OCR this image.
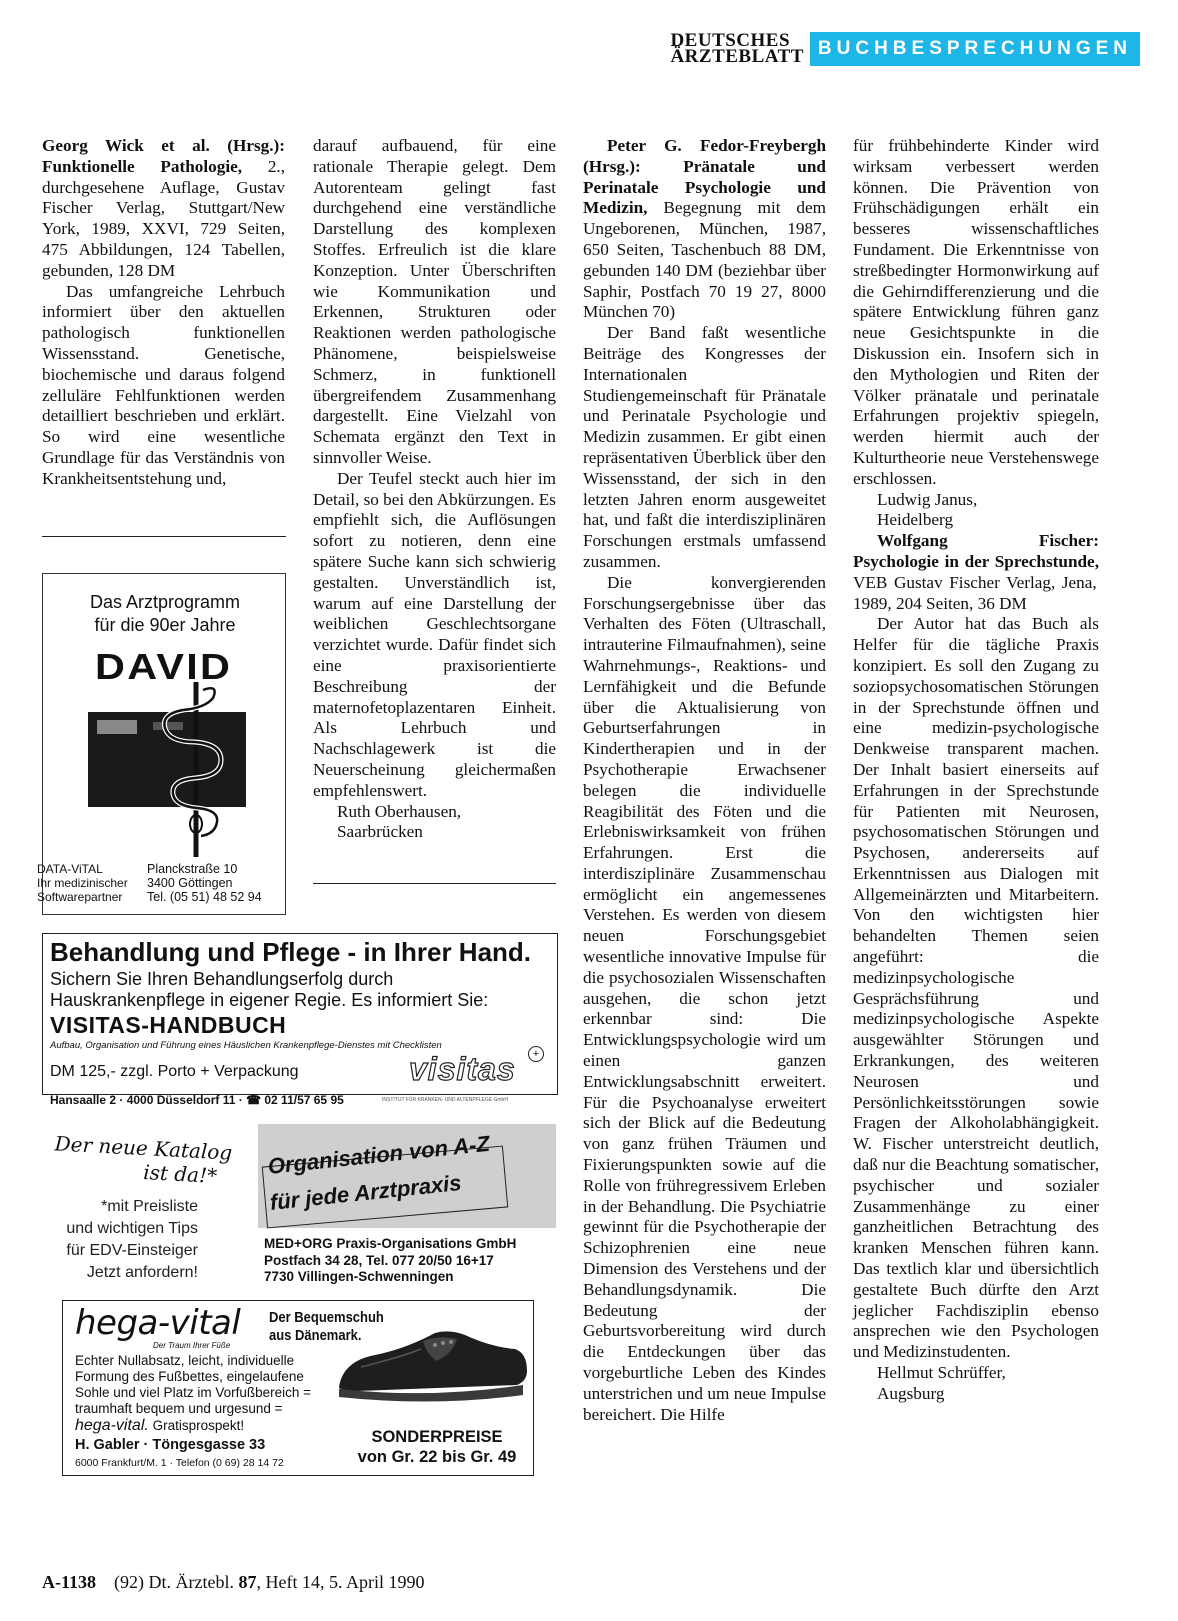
DEUTSCHES
ÄRZTEBLATT BUCHBESPRECHUNGEN

Georg Wick et al. (Hrsg.): Funktionelle Pathologie, 2., durchgesehene Auflage, Gustav Fischer Verlag, Stuttgart/New York, 1989, XXVI, 729 Seiten, 475 Abbildungen, 124 Tabellen, gebunden, 128 DM

Das umfangreiche Lehrbuch informiert über den aktuellen pathologisch funktionellen Wissensstand. Genetische, biochemische und daraus folgend zelluläre Fehlfunktionen werden detailliert beschrieben und erklärt. So wird eine wesentliche Grundlage für das Verständnis von Krankheitsentstehung und,

darauf aufbauend, für eine rationale Therapie gelegt. Dem Autorenteam gelingt fast durchgehend eine verständliche Darstellung des komplexen Stoffes. Erfreulich ist die klare Konzeption. Unter Überschriften wie Kommunikation und Erkennen, Strukturen oder Reaktionen werden pathologische Phänomene, beispielsweise Schmerz, in funktionell übergreifendem Zusammenhang dargestellt. Eine Vielzahl von Schemata ergänzt den Text in sinnvoller Weise.

Der Teufel steckt auch hier im Detail, so bei den Abkürzungen. Es empfiehlt sich, die Auflösungen sofort zu notieren, denn eine spätere Suche kann sich schwierig gestalten. Unverständlich ist, warum auf eine Darstellung der weiblichen Geschlechtsorgane verzichtet wurde. Dafür findet sich eine praxisorientierte Beschreibung der maternofetoplazentaren Einheit. Als Lehrbuch und Nachschlagewerk ist die Neuerscheinung gleichermaßen empfehlenswert.

Ruth Oberhausen,

Saarbrücken

Peter G. Fedor-Freybergh (Hrsg.): Pränatale und Perinatale Psychologie und Medizin, Begegnung mit dem Ungeborenen, München, 1987, 650 Seiten, Taschenbuch 88 DM, gebunden 140 DM (beziehbar über Saphir, Postfach 70 19 27, 8000 München 70)

Der Band faßt wesentliche Beiträge des Kongresses der Internationalen Studiengemeinschaft für Pränatale und Perinatale Psychologie und Medizin zusammen. Er gibt einen repräsentativen Überblick über den Wissensstand, der sich in den letzten Jahren enorm ausgeweitet hat, und faßt die interdisziplinären Forschungen erstmals umfassend zusammen.

Die konvergierenden Forschungsergebnisse über das Verhalten des Föten (Ultraschall, intrauterine Filmaufnahmen), seine Wahrnehmungs-, Reaktions- und Lernfähigkeit und die Befunde über die Aktualisierung von Geburtserfahrungen in Kindertherapien und in der Psychotherapie Erwachsener belegen die individuelle Reagibilität des Föten und die Erlebniswirksamkeit von frühen Erfahrungen. Erst die interdisziplinäre Zusammenschau ermöglicht ein angemessenes Verstehen. Es werden von diesem neuen Forschungsgebiet wesentliche innovative Impulse für die psychosozialen Wissenschaften ausgehen, die schon jetzt erkennbar sind: Die Entwicklungspsychologie wird um einen ganzen Entwicklungsabschnitt erweitert. Für die Psychoanalyse erweitert sich der Blick auf die Bedeutung von ganz frühen Träumen und Fixierungspunkten sowie auf die Rolle von frühregressivem Erleben in der Behandlung. Die Psychiatrie gewinnt für die Psychotherapie der Schizophrenien eine neue Dimension des Verstehens und der Behandlungsdynamik. Die Bedeutung der Geburtsvorbereitung wird durch die Entdeckungen über das vorgeburtliche Leben des Kindes unterstrichen und um neue Impulse bereichert. Die Hilfe

für frühbehinderte Kinder wird wirksam verbessert werden können. Die Prävention von Frühschädigungen erhält ein besseres wissenschaftliches Fundament. Die Erkenntnisse von streßbedingter Hormonwirkung auf die Gehirndifferenzierung und die spätere Entwicklung führen ganz neue Gesichtspunkte in die Diskussion ein. Insofern sich in den Mythologien und Riten der Völker pränatale und perinatale Erfahrungen projektiv spiegeln, werden hiermit auch der Kulturtheorie neue Verstehenswege erschlossen.

Ludwig Janus,

Heidelberg

Wolfgang Fischer: Psychologie in der Sprechstunde, VEB Gustav Fischer Verlag, Jena, 1989, 204 Seiten, 36 DM

Der Autor hat das Buch als Helfer für die tägliche Praxis konzipiert. Es soll den Zugang zu soziopsychosomatischen Störungen in der Sprechstunde öffnen und eine medizin-psychologische Denkweise transparent machen. Der Inhalt basiert einerseits auf Erfahrungen in der Sprechstunde für Patienten mit Neurosen, psychosomatischen Störungen und Psychosen, andererseits auf Erkenntnissen aus Dialogen mit Allgemeinärzten und Mitarbeitern. Von den wichtigsten hier behandelten Themen seien angeführt: die medizinpsychologische Gesprächsführung und medizinpsychologische Aspekte ausgewählter Störungen und Erkrankungen, des weiteren Neurosen und Persönlichkeitsstörungen sowie Fragen der Alkoholabhängigkeit. W. Fischer unterstreicht deutlich, daß nur die Beachtung somatischer, psychischer und sozialer Zusammenhänge zu einer ganzheitlichen Betrachtung des kranken Menschen führen kann. Das textlich klar und übersichtlich gestaltete Buch dürfte den Arzt jeglicher Fachdisziplin ebenso ansprechen wie den Psychologen und Medizinstudenten.

Hellmut Schrüffer,

Augsburg

Das Arztprogramm
für die 90er Jahre
DAVID
DATA-ViTAL
Ihr medizinischer
Softwarepartner
Planckstraße 10
3400 Göttingen
Tel. (05 51) 48 52 94
Behandlung und Pflege - in Ihrer Hand.
Sichern Sie Ihren Behandlungserfolg durch Hauskrankenpflege in eigener Regie. Es informiert Sie:
VISITAS-HANDBUCH
Aufbau, Organisation und Führung eines Häuslichen Krankenpflege-Dienstes mit Checklisten
DM 125,- zzgl. Porto + Verpackung	visitas	+
Hansaalle 2 · 4000 Düsseldorf 11 · ☎ 02 11/57 65 95	INSTITUT FÜR KRANKEN- UND ALTENPFLEGE GmbH
Der neue Katalog
ist da!*
*mit Preisliste
und wichtigen Tips
für EDV-Einsteiger
Jetzt anfordern!
Organisation von A-Z
für jede Arztpraxis
MED+ORG Praxis-Organisations GmbH
Postfach 34 28, Tel. 077 20/50 16+17
7730 Villingen-Schwenningen
hega-vital
Der Traum Ihrer Füße
Der Bequemschuh
aus Dänemark.
Echter Nullabsatz, leicht, individuelle Formung des Fußbettes, eingelaufene Sohle und viel Platz im Vorfußbereich = traumhaft bequem und urgesund =
hega-vital. Gratisprospekt!
H. Gabler · Töngesgasse 33
6000 Frankfurt/M. 1 · Telefon (0 69) 28 14 72
SONDERPREISE
von Gr. 22 bis Gr. 49
A-1138 (92) Dt. Ärztebl. 87, Heft 14, 5. April 1990
